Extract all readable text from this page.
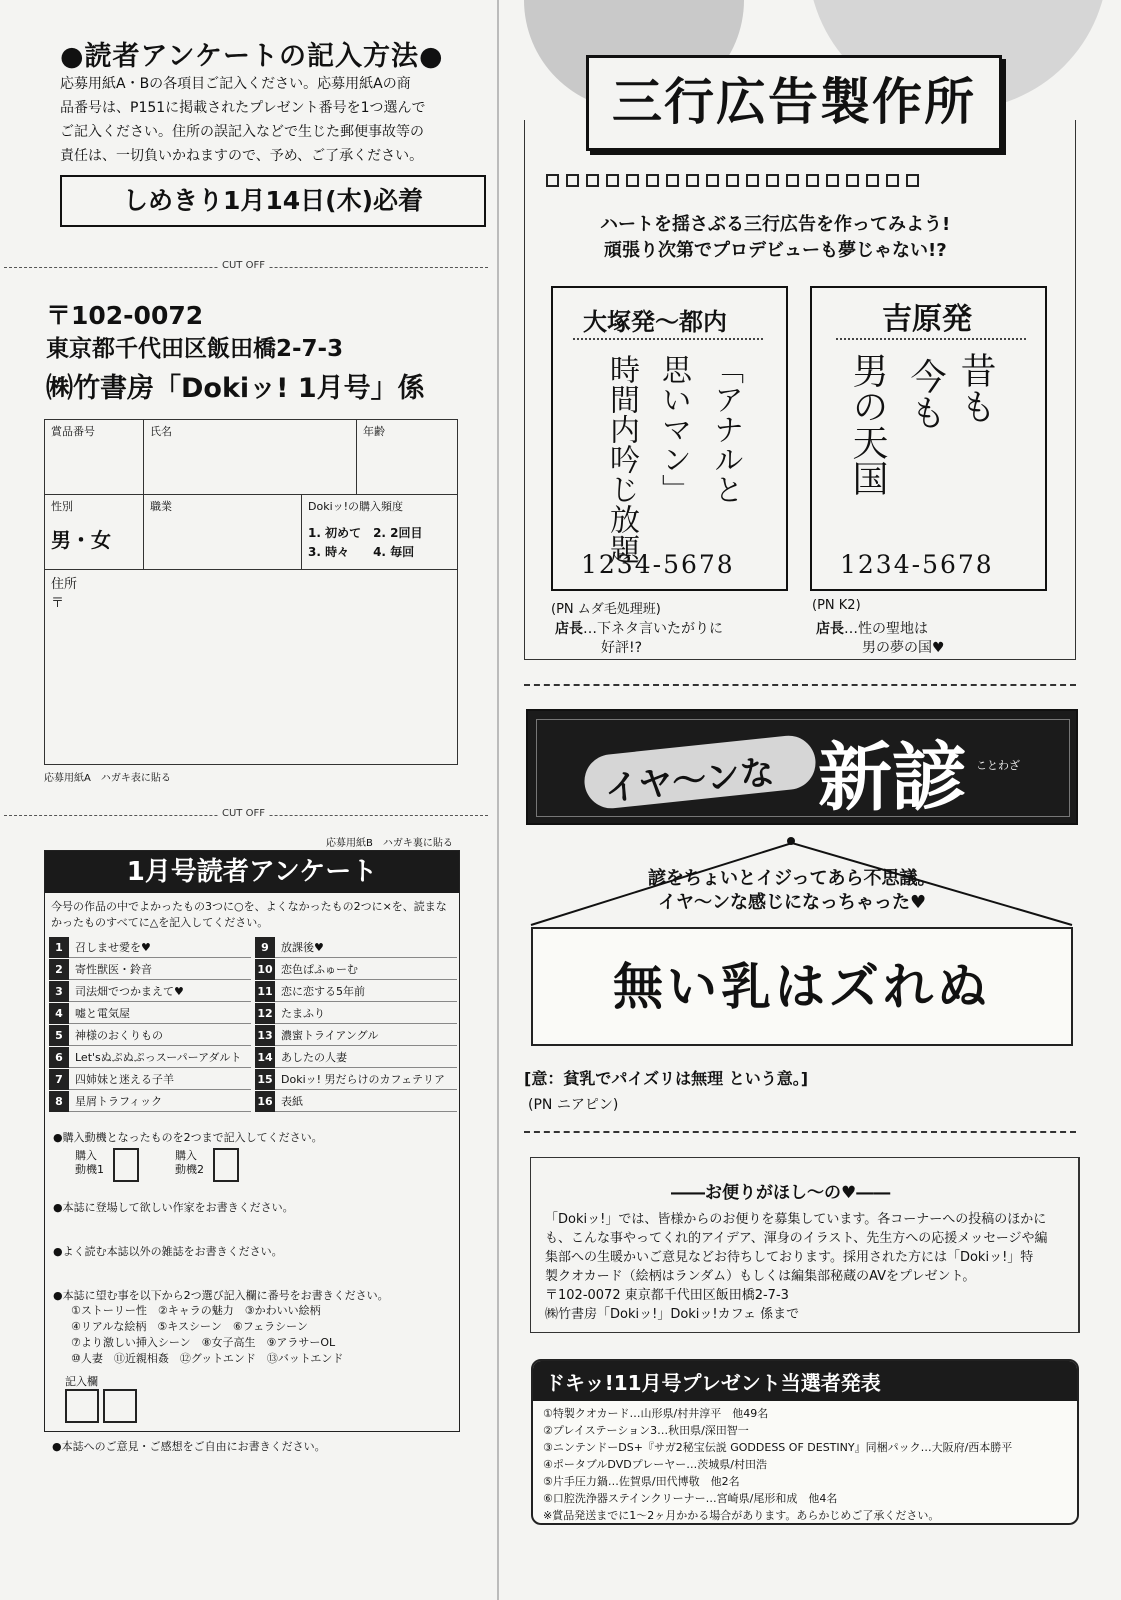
●読者アンケートの記入方法●
応募用紙A・Bの各項目ご記入ください。応募用紙Aの商
品番号は、P151に掲載されたプレゼント番号を1つ選んで
ご記入ください。住所の誤記入などで生じた郵便事故等の
責任は、一切負いかねますので、予め、ご了承ください。
しめきり1月14日(木)必着
CUT OFF
〒102-0072
東京都千代田区飯田橋2-7-3
㈱竹書房「Dokiッ! 1月号」係
賞品番号	氏名	年齢
性別
男・女
職業	Dokiッ!の購入頻度
1. 初めて　2. 2回目
3. 時々　　4. 毎回
住所
〒
応募用紙A　ハガキ表に貼る
CUT OFF
応募用紙B　ハガキ裏に貼る
1月号読者アンケート
今号の作品の中でよかったもの3つに○を、よくなかったもの2つに×を、読まなかったものすべてに△を記入してください。
1	召しませ愛を♥
2	寄性獣医・鈴音
3	司法畑でつかまえて♥
4	嘘と電気屋
5	神様のおくりもの
6	Let'sぬぷぬぷっスーパーアダルト
7	四姉妹と迷える子羊
8	星屑トラフィック
9	放課後♥
10 恋色ぱふゅーむ
11 恋に恋する5年前
12 たまふり
13 濃蜜トライアングル
14 あしたの人妻
15 Dokiッ! 男だらけのカフェテリア
16 表紙
●購入動機となったものを2つまで記入してください。
購入
動機1
購入
動機2
●本誌に登場して欲しい作家をお書きください。
●よく読む本誌以外の雑誌をお書きください。
●本誌に望む事を以下から2つ選び記入欄に番号をお書きください。
①ストーリー性　②キャラの魅力　③かわいい絵柄
④リアルな絵柄　⑤キスシーン　⑥フェラシーン
⑦より激しい挿入シーン　⑧女子高生　⑨アラサーOL
⑩人妻　⑪近親相姦　⑫グットエンド　⑬バットエンド
記入欄
●本誌へのご意見・ご感想をご自由にお書きください。
三行広告製作所
ハートを揺さぶる三行広告を作ってみよう!
頑張り次第でプロデビューも夢じゃない!?
大塚発〜都内
「アナルと
思いマン」
時間内吟じ放題
1234-5678
(PN ムダ毛処理班)
店長…下ネタ言いたがりに
好評!?
吉原発
昔も
今も
男の天国
1234-5678
(PN K2)
店長…性の聖地は
男の夢の国♥
イヤ〜ンな 新諺 ことわざ
諺をちょいとイジってあら不思議。
イヤ〜ンな感じになっちゃった♥
無い乳はズれぬ
[意：貧乳でパイズリは無理 という意。]
(PN ニアピン)
――お便りがほし〜の♥――
「Dokiッ!」では、皆様からのお便りを募集しています。各コーナーへの投稿のほかに
も、こんな事やってくれ的アイデア、渾身のイラスト、先生方への応援メッセージや編
集部への生暖かいご意見などお待ちしております。採用された方には「Dokiッ!」特
製クオカード（絵柄はランダム）もしくは編集部秘蔵のAVをプレゼント。
〒102-0072 東京都千代田区飯田橋2-7-3
㈱竹書房「Dokiッ!」Dokiッ!カフェ 係まで
ドキッ!11月号プレゼント当選者発表
①特製クオカード…山形県/村井淳平　他49名
②プレイステーション3…秋田県/深田智一
③ニンテンドーDS+『サガ2秘宝伝説 GODDESS OF DESTINY』同梱パック…大阪府/西本勝平
④ポータブルDVDプレーヤー…茨城県/村田浩
⑤片手圧力鍋…佐賀県/田代博敬　他2名
⑥口腔洗浄器ステインクリーナー…宮崎県/尾形和成　他4名
※賞品発送までに1〜2ヶ月かかる場合があります。あらかじめご了承ください。
